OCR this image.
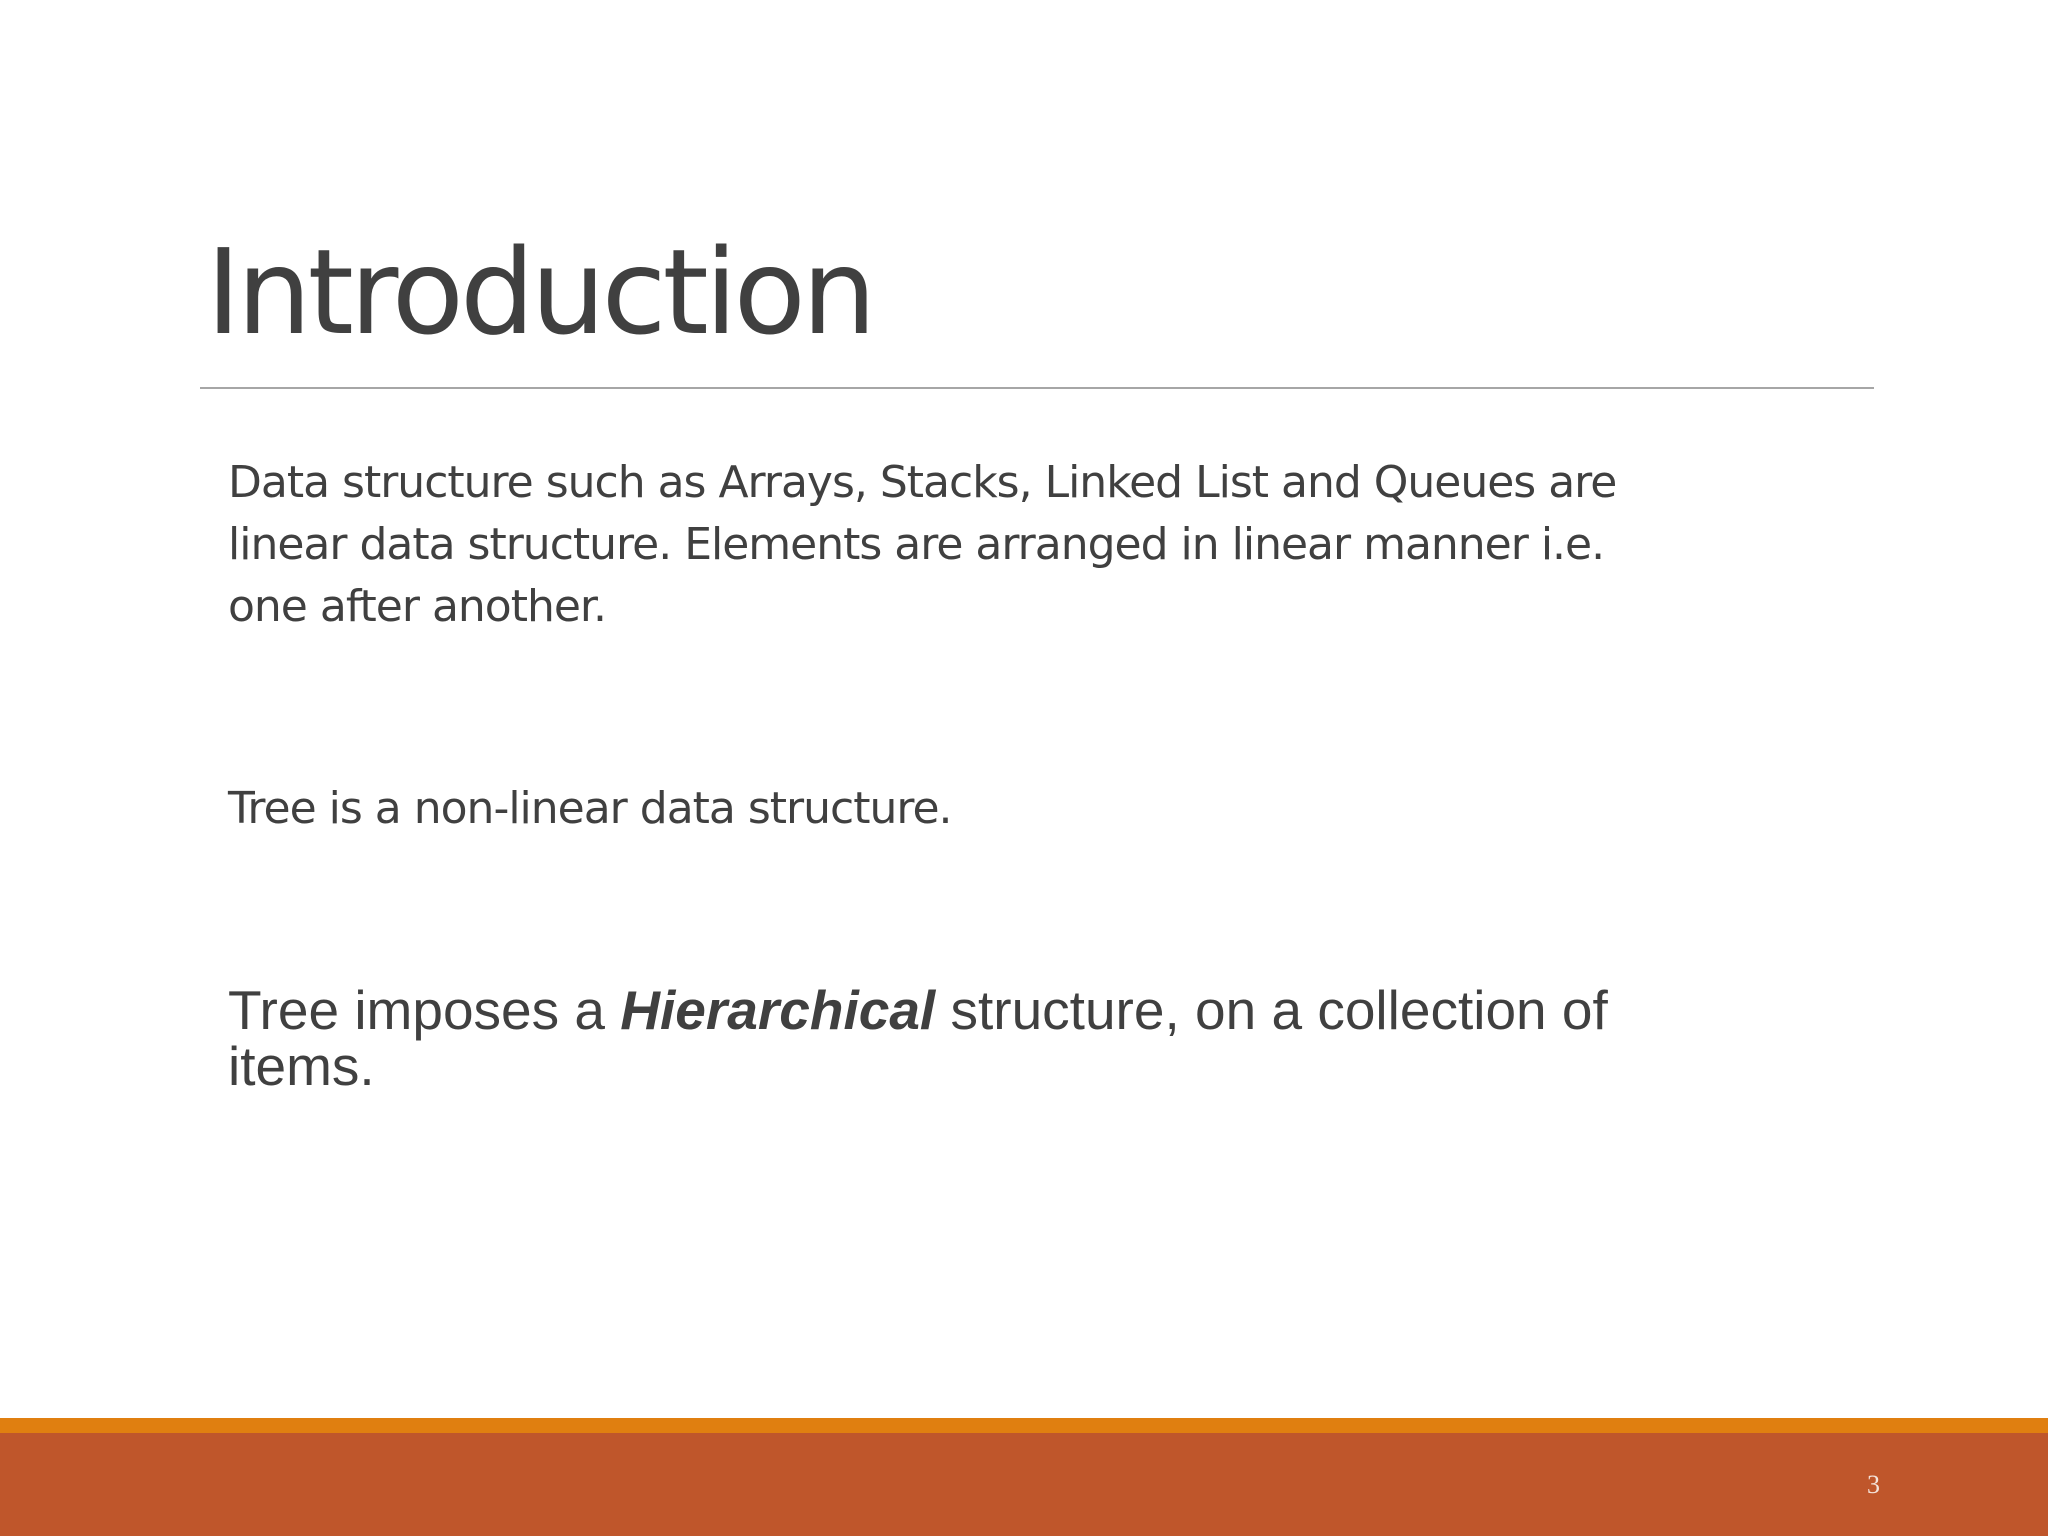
Introduction

Data structure such as Arrays, Stacks, Linked List and Queues are linear data structure. Elements are arranged in linear manner i.e. one after another.

Tree is a non-linear data structure.

Tree imposes a Hierarchical structure, on a collection of items.

3
